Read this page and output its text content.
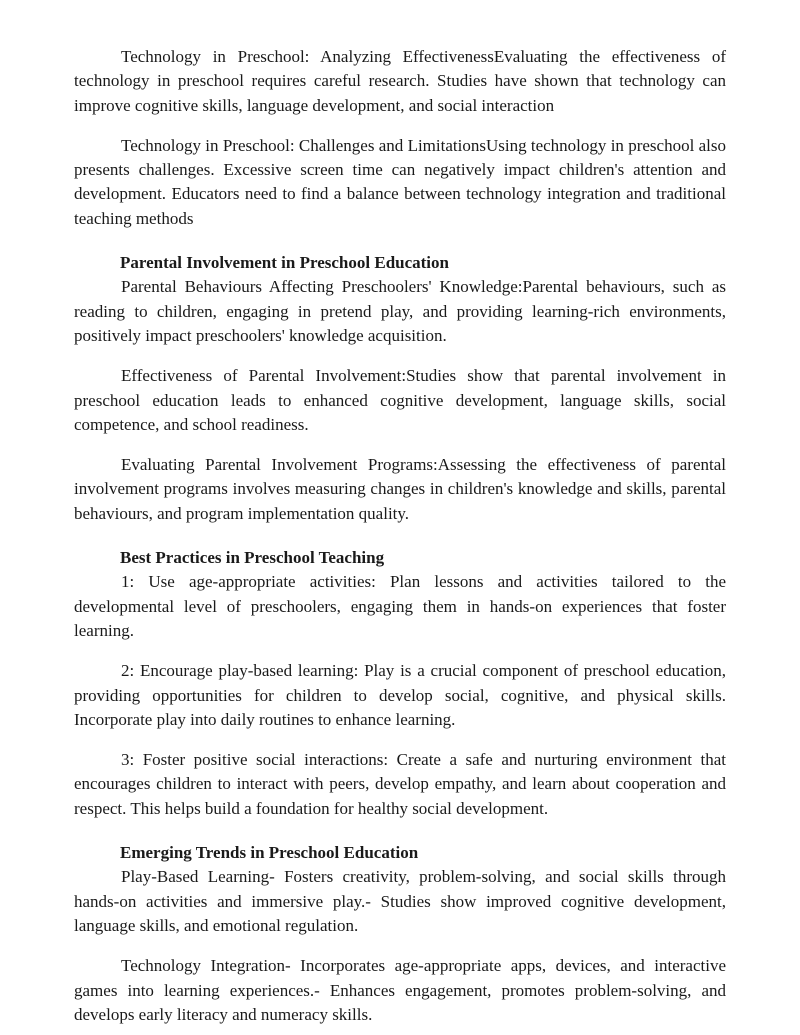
Technology in Preschool: Analyzing EffectivenessEvaluating the effectiveness of technology in preschool requires careful research. Studies have shown that technology can improve cognitive skills, language development, and social interaction

Technology in Preschool: Challenges and LimitationsUsing technology in preschool also presents challenges. Excessive screen time can negatively impact children's attention and development. Educators need to find a balance between technology integration and traditional teaching methods

Parental Involvement in Preschool Education

Parental Behaviours Affecting Preschoolers' Knowledge:Parental behaviours, such as reading to children, engaging in pretend play, and providing learning-rich environments, positively impact preschoolers' knowledge acquisition.

Effectiveness of Parental Involvement:Studies show that parental involvement in preschool education leads to enhanced cognitive development, language skills, social competence, and school readiness.

Evaluating Parental Involvement Programs:Assessing the effectiveness of parental involvement programs involves measuring changes in children's knowledge and skills, parental behaviours, and program implementation quality.

Best Practices in Preschool Teaching

1: Use age-appropriate activities: Plan lessons and activities tailored to the developmental level of preschoolers, engaging them in hands-on experiences that foster learning.

2: Encourage play-based learning: Play is a crucial component of preschool education, providing opportunities for children to develop social, cognitive, and physical skills. Incorporate play into daily routines to enhance learning.

3: Foster positive social interactions: Create a safe and nurturing environment that encourages children to interact with peers, develop empathy, and learn about cooperation and respect. This helps build a foundation for healthy social development.

Emerging Trends in Preschool Education

Play-Based Learning- Fosters creativity, problem-solving, and social skills through hands-on activities and immersive play.- Studies show improved cognitive development, language skills, and emotional regulation.

Technology Integration- Incorporates age-appropriate apps, devices, and interactive games into learning experiences.- Enhances engagement, promotes problem-solving, and develops early literacy and numeracy skills.
